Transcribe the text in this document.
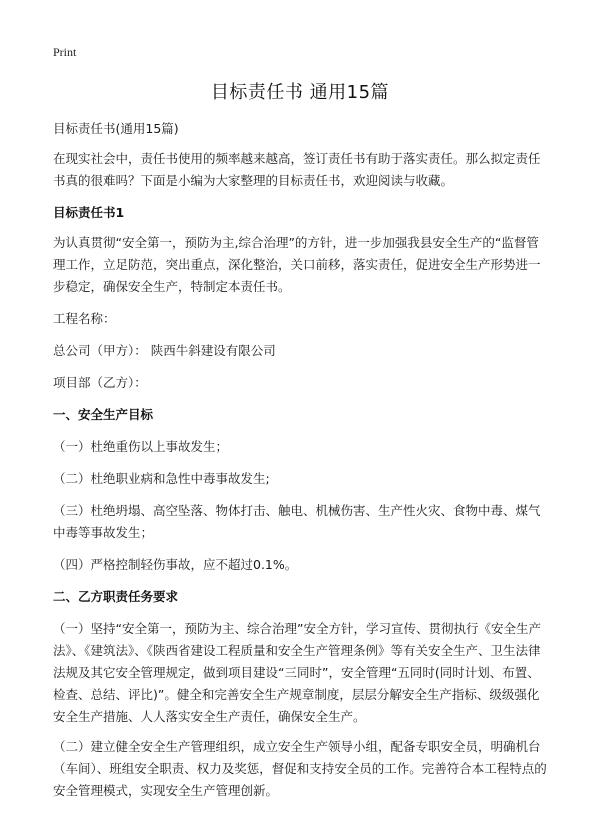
Print
目标责任书 通用15篇

目标责任书(通用15篇)

在现实社会中，责任书使用的频率越来越高，签订责任书有助于落实责任。那么拟定责任书真的很难吗？下面是小编为大家整理的目标责任书，欢迎阅读与收藏。

目标责任书1

为认真贯彻“安全第一，预防为主,综合治理”的方针，进一步加强我县安全生产的“监督管理工作，立足防范，突出重点，深化整治，关口前移，落实责任，促进安全生产形势进一步稳定，确保安全生产，特制定本责任书。

工程名称：

总公司（甲方）： 陕西牛斜建设有限公司

项目部（乙方）：

一、安全生产目标

（一）杜绝重伤以上事故发生；

（二）杜绝职业病和急性中毒事故发生;

（三）杜绝坍塌、高空坠落、物体打击、触电、机械伤害、生产性火灾、食物中毒、煤气中毒等事故发生；

（四）严格控制轻伤事故，应不超过0.1%。

二、乙方职责任务要求

（一）坚持“安全第一，预防为主、综合治理”安全方针，学习宣传、贯彻执行《安全生产法》、《建筑法》、《陕西省建设工程质量和安全生产管理条例》等有关安全生产、卫生法律法规及其它安全管理规定，做到项目建设“三同时”，安全管理“五同时(同时计划、布置、检查、总结、评比)”。健全和完善安全生产规章制度，层层分解安全生产指标、级级强化安全生产措施、人人落实安全生产责任，确保安全生产。

（二）建立健全安全生产管理组织，成立安全生产领导小组，配备专职安全员，明确机台（车间）、班组安全职责、权力及奖惩，督促和支持安全员的工作。完善符合本工程特点的安全管理模式，实现安全生产管理创新。
